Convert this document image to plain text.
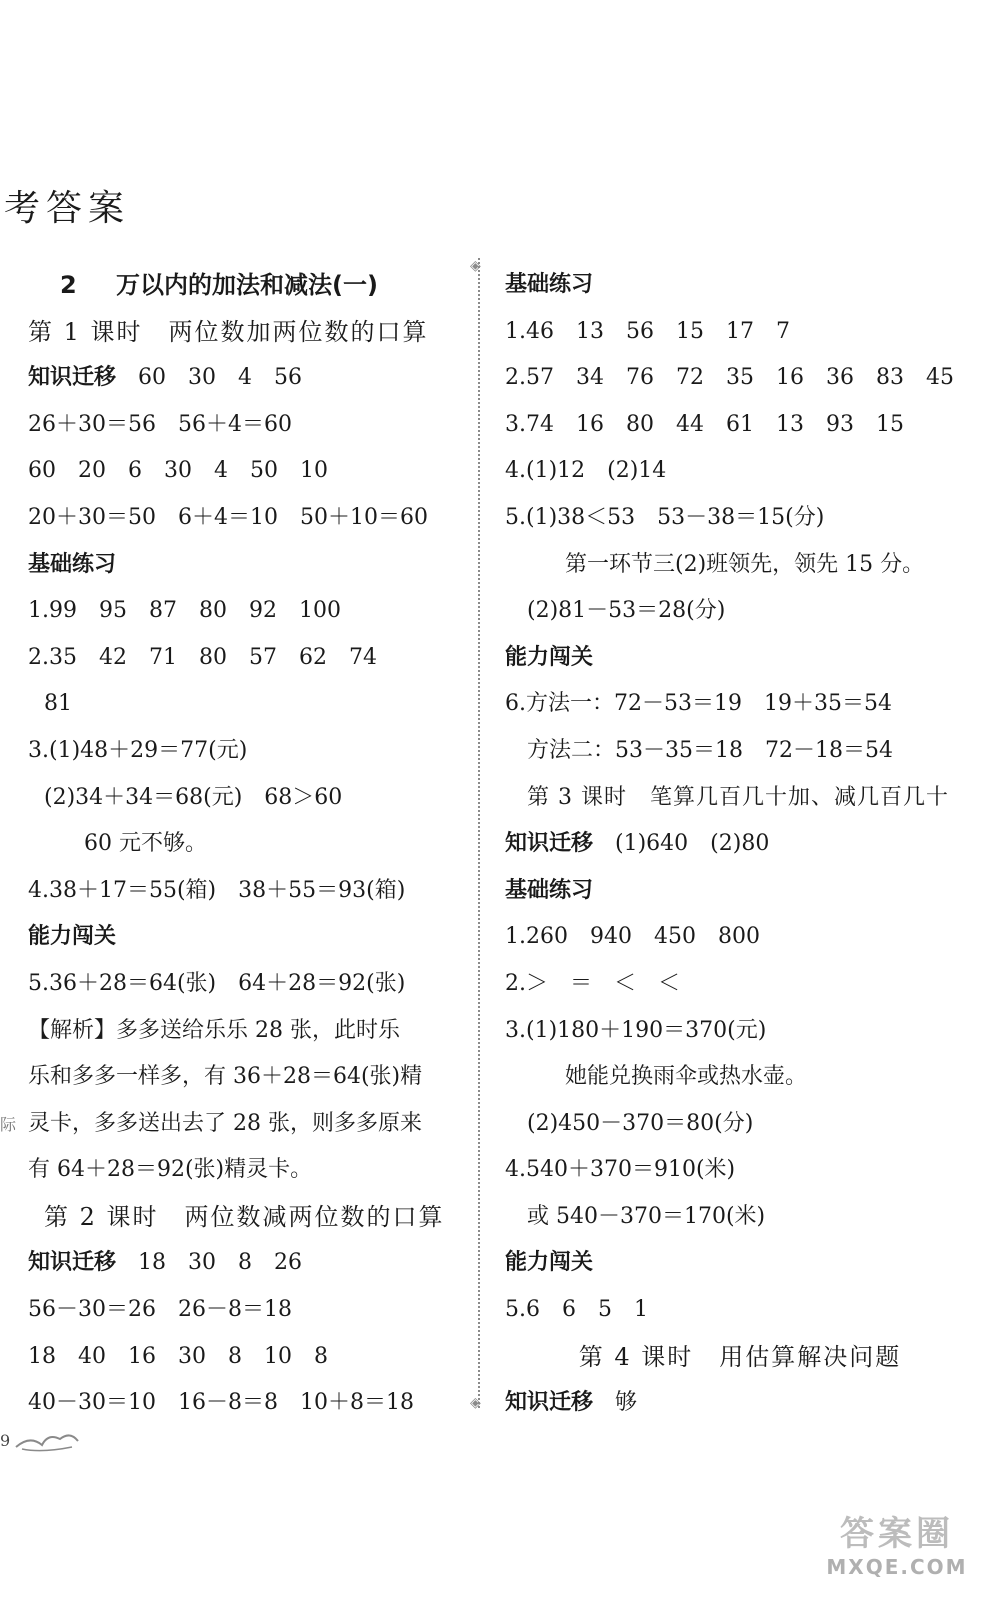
考答案
2 万以内的加法和减法(一)
第 1 课时　两位数加两位数的口算
知识迁移 60　30　4　56
26＋30＝56　56＋4＝60
60　20　6　30　4　50　10
20＋30＝50　6＋4＝10　50＋10＝60
基础练习
1.99　95　87　80　92　100
2.35　42　71　80　57　62　74
81
3.(1)48＋29＝77(元)
(2)34＋34＝68(元)　68＞60
60 元不够。
4.38＋17＝55(箱)　38＋55＝93(箱)
能力闯关
5.36＋28＝64(张)　64＋28＝92(张)
【解析】多多送给乐乐 28 张，此时乐
乐和多多一样多，有 36＋28＝64(张)精
灵卡，多多送出去了 28 张，则多多原来
有 64＋28＝92(张)精灵卡。
第 2 课时　两位数减两位数的口算
知识迁移 18　30　8　26
56－30＝26　26－8＝18
18　40　16　30　8　10　8
40－30＝10　16－8＝8　10＋8＝18
◈
◈
基础练习
1.46　13　56　15　17　7
2.57　34　76　72　35　16　36　83　45
3.74　16　80　44　61　13　93　15
4.(1)12　(2)14
5.(1)38＜53　53－38＝15(分)
第一环节三(2)班领先，领先 15 分。
(2)81－53＝28(分)
能力闯关
6.方法一：72－53＝19　19＋35＝54
方法二：53－35＝18　72－18＝54
第 3 课时　笔算几百几十加、减几百几十
知识迁移 (1)640　(2)80
基础练习
1.260　940　450　800
2.＞　＝　＜　＜
3.(1)180＋190＝370(元)
她能兑换雨伞或热水壶。
(2)450－370＝80(分)
4.540＋370＝910(米)
或 540－370＝170(米)
能力闯关
5.6　6　5　1
第 4 课时　用估算解决问题
知识迁移 够
际
9
答案圈
MXQE.COM
